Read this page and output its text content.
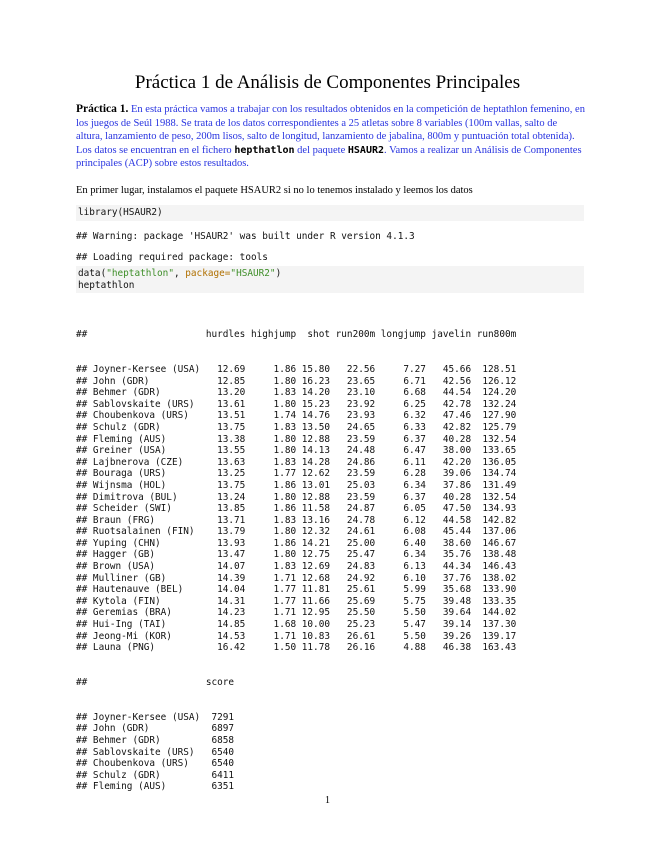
Práctica 1 de Análisis de Componentes Principales
Práctica 1. En esta práctica vamos a trabajar con los resultados obtenidos en la competición de heptathlon femenino, en los juegos de Seúl 1988. Se trata de los datos correspondientes a 25 atletas sobre 8 variables (100m vallas, salto de altura, lanzamiento de peso, 200m lisos, salto de longitud, lanzamiento de jabalina, 800m y puntuación total obtenida). Los datos se encuentran en el fichero hepthatlon del paquete HSAUR2. Vamos a realizar un Análisis de Componentes principales (ACP) sobre estos resultados.
En primer lugar, instalamos el paquete HSAUR2 si no lo tenemos instalado y leemos los datos
library(HSAUR2)
## Warning: package 'HSAUR2' was built under R version 4.1.3
## Loading required package: tools
data("heptathlon", package="HSAUR2")
heptathlon

##                     hurdles highjump  shot run200m longjump javelin run800m

## Joyner-Kersee (USA)   12.69     1.86 15.80   22.56     7.27   45.66  128.51
## John (GDR)            12.85     1.80 16.23   23.65     6.71   42.56  126.12
## Behmer (GDR)          13.20     1.83 14.20   23.10     6.68   44.54  124.20
## Sablovskaite (URS)    13.61     1.80 15.23   23.92     6.25   42.78  132.24
## Choubenkova (URS)     13.51     1.74 14.76   23.93     6.32   47.46  127.90
## Schulz (GDR)          13.75     1.83 13.50   24.65     6.33   42.82  125.79
## Fleming (AUS)         13.38     1.80 12.88   23.59     6.37   40.28  132.54
## Greiner (USA)         13.55     1.80 14.13   24.48     6.47   38.00  133.65
## Lajbnerova (CZE)      13.63     1.83 14.28   24.86     6.11   42.20  136.05
## Bouraga (URS)         13.25     1.77 12.62   23.59     6.28   39.06  134.74
## Wijnsma (HOL)         13.75     1.86 13.01   25.03     6.34   37.86  131.49
## Dimitrova (BUL)       13.24     1.80 12.88   23.59     6.37   40.28  132.54
## Scheider (SWI)        13.85     1.86 11.58   24.87     6.05   47.50  134.93
## Braun (FRG)           13.71     1.83 13.16   24.78     6.12   44.58  142.82
## Ruotsalainen (FIN)    13.79     1.80 12.32   24.61     6.08   45.44  137.06
## Yuping (CHN)          13.93     1.86 14.21   25.00     6.40   38.60  146.67
## Hagger (GB)           13.47     1.80 12.75   25.47     6.34   35.76  138.48
## Brown (USA)           14.07     1.83 12.69   24.83     6.13   44.34  146.43
## Mulliner (GB)         14.39     1.71 12.68   24.92     6.10   37.76  138.02
## Hautenauve (BEL)      14.04     1.77 11.81   25.61     5.99   35.68  133.90
## Kytola (FIN)          14.31     1.77 11.66   25.69     5.75   39.48  133.35
## Geremias (BRA)        14.23     1.71 12.95   25.50     5.50   39.64  144.02
## Hui-Ing (TAI)         14.85     1.68 10.00   25.23     5.47   39.14  137.30
## Jeong-Mi (KOR)        14.53     1.71 10.83   26.61     5.50   39.26  139.17
## Launa (PNG)           16.42     1.50 11.78   26.16     4.88   46.38  163.43

##                     score

## Joyner-Kersee (USA)  7291
## John (GDR)           6897
## Behmer (GDR)         6858
## Sablovskaite (URS)   6540
## Choubenkova (URS)    6540
## Schulz (GDR)         6411
## Fleming (AUS)        6351

1
